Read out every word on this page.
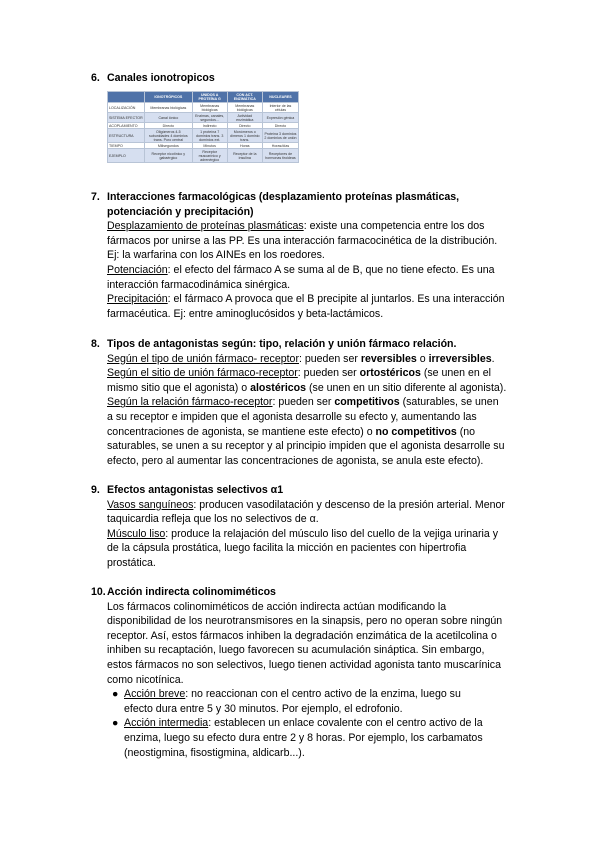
6. Canales ionotropicos
	IONOTRÓPICOS	UNIDOS A PROTEÍNA G	CON ACT. ENZIMÁTICA	NUCLEARES
LOCALIZACIÓN	Membranas biológicas	Membranas biológicas	Membranas biológicas	Interior de las células
SISTEMA EFECTOR	Canal iónico	Enzimas, canales, segundos...	Actividad enzimática	Expresión génica
ACOPLAMIENTO	Directo	Indirecto	Directo	Directo
ESTRUCTURA	Oligómeros 4-5 subunidades 4 dominios trans. Poro central	1 proteína 7 dominios trans. 3 dominios ext.	Monómeros o dímeros 1 dominio trans.	Proteína 3 dominios 2 dominios de unión
TIEMPO	Milisegundos	Minutos	Horas	Horas/días
EJEMPLO	Receptor nicotínico y gabaérgico	Receptor muscarínico y adrenérgico	Receptor de la insulina	Receptores de hormonas tiroideas
7. Interacciones farmacológicas (desplazamiento proteínas plasmáticas,
potenciación y precipitación)
Desplazamiento de proteínas plasmáticas: existe una competencia entre los dos
fármacos por unirse a las PP. Es una interacción farmacocinética de la distribución.
Ej: la warfarina con los AINEs en los roedores.
Potenciación: el efecto del fármaco A se suma al de B, que no tiene efecto. Es una
interacción farmacodinámica sinérgica.
Precipitación: el fármaco A provoca que el B precipite al juntarlos. Es una interacción
farmacéutica. Ej: entre aminoglucósidos y beta-lactámicos.
8. Tipos de antagonistas según: tipo, relación y unión fármaco relación.
Según el tipo de unión fármaco- receptor: pueden ser reversibles o irreversibles.
Según el sitio de unión fármaco-receptor: pueden ser ortostéricos (se unen en el
mismo sitio que el agonista) o alostéricos (se unen en un sitio diferente al agonista).
Según la relación fármaco-receptor: pueden ser competitivos (saturables, se unen
a su receptor e impiden que el agonista desarrolle su efecto y, aumentando las
concentraciones de agonista, se mantiene este efecto) o no competitivos (no
saturables, se unen a su receptor y al principio impiden que el agonista desarrolle su
efecto, pero al aumentar las concentraciones de agonista, se anula este efecto).
9. Efectos antagonistas selectivos α1
Vasos sanguíneos: producen vasodilatación y descenso de la presión arterial. Menor
taquicardia refleja que los no selectivos de α.
Músculo liso: produce la relajación del músculo liso del cuello de la vejiga urinaria y
de la cápsula prostática, luego facilita la micción en pacientes con hipertrofia
prostática.
10. Acción indirecta colinomiméticos
Los fármacos colinomiméticos de acción indirecta actúan modificando la
disponibilidad de los neurotransmisores en la sinapsis, pero no operan sobre ningún
receptor. Así, estos fármacos inhiben la degradación enzimática de la acetilcolina o
inhiben su recaptación, luego favorecen su acumulación sináptica. Sin embargo,
estos fármacos no son selectivos, luego tienen actividad agonista tanto muscarínica
como nicotínica.
● Acción breve: no reaccionan con el centro activo de la enzima, luego su
efecto dura entre 5 y 30 minutos. Por ejemplo, el edrofonio.
● Acción intermedia: establecen un enlace covalente con el centro activo de la
enzima, luego su efecto dura entre 2 y 8 horas. Por ejemplo, los carbamatos
(neostigmina, fisostigmina, aldicarb...).
